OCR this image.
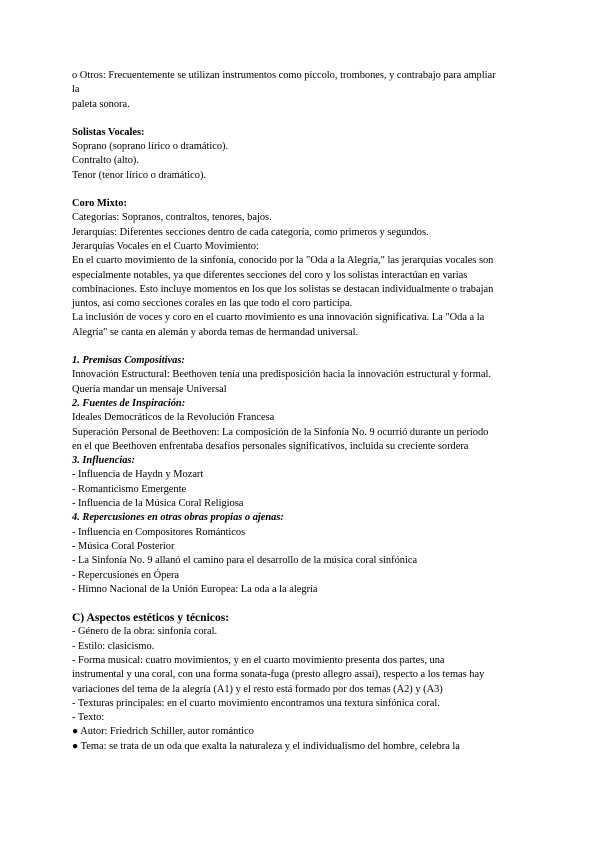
o Otros: Frecuentemente se utilizan instrumentos como piccolo, trombones, y contrabajo para ampliar
la
paleta sonora.
Solistas Vocales:
Soprano (soprano lírico o dramático).
Contralto (alto).
Tenor (tenor lírico o dramático).
Coro Mixto:
Categorías: Sopranos, contraltos, tenores, bajos.
Jerarquías: Diferentes secciones dentro de cada categoría, como primeros y segundos.
Jerarquías Vocales en el Cuarto Movimiento:
En el cuarto movimiento de la sinfonía, conocido por la "Oda a la Alegría," las jerarquías vocales son
especialmente notables, ya que diferentes secciones del coro y los solistas interactúan en varias
combinaciones. Esto incluye momentos en los que los solistas se destacan individualmente o trabajan
juntos, así como secciones corales en las que todo el coro participa.
La inclusión de voces y coro en el cuarto movimiento es una innovación significativa. La "Oda a la
Alegría" se canta en alemán y aborda temas de hermandad universal.
1. Premisas Compositivas:
Innovación Estructural: Beethoven tenía una predisposición hacia la innovación estructural y formal.
Quería mandar un mensaje Universal
2. Fuentes de Inspiración:
Ideales Democráticos de la Revolución Francesa
Superación Personal de Beethoven: La composición de la Sinfonía No. 9 ocurrió durante un período
en el que Beethoven enfrentaba desafíos personales significativos, incluida su creciente sordera
3. Influencias:
- Influencia de Haydn y Mozart
- Romanticismo Emergente
- Influencia de la Música Coral Religiosa
4. Repercusiones en otras obras propias o ajenas:
- Influencia en Compositores Románticos
- Música Coral Posterior
- La Sinfonía No. 9 allanó el camino para el desarrollo de la música coral sinfónica
- Repercusiones en Ópera
- Himno Nacional de la Unión Europea: La oda a la alegría
C) Aspectos estéticos y técnicos:
- Género de la obra: sinfonía coral.
- Estilo: clasicismo.
- Forma musical: cuatro movimientos, y en el cuarto movimiento presenta dos partes, una
instrumental y una coral, con una forma sonata-fuga (presto allegro assai), respecto a los temas hay
variaciones del tema de la alegría (A1) y el resto está formado por dos temas (A2) y (A3)
- Texturas principales: en el cuarto movimiento encontramos una textura sinfónica coral.
- Texto:
● Autor: Friedrich Schiller, autor romántico
● Tema: se trata de un oda que exalta la naturaleza y el individualismo del hombre, celebra la
